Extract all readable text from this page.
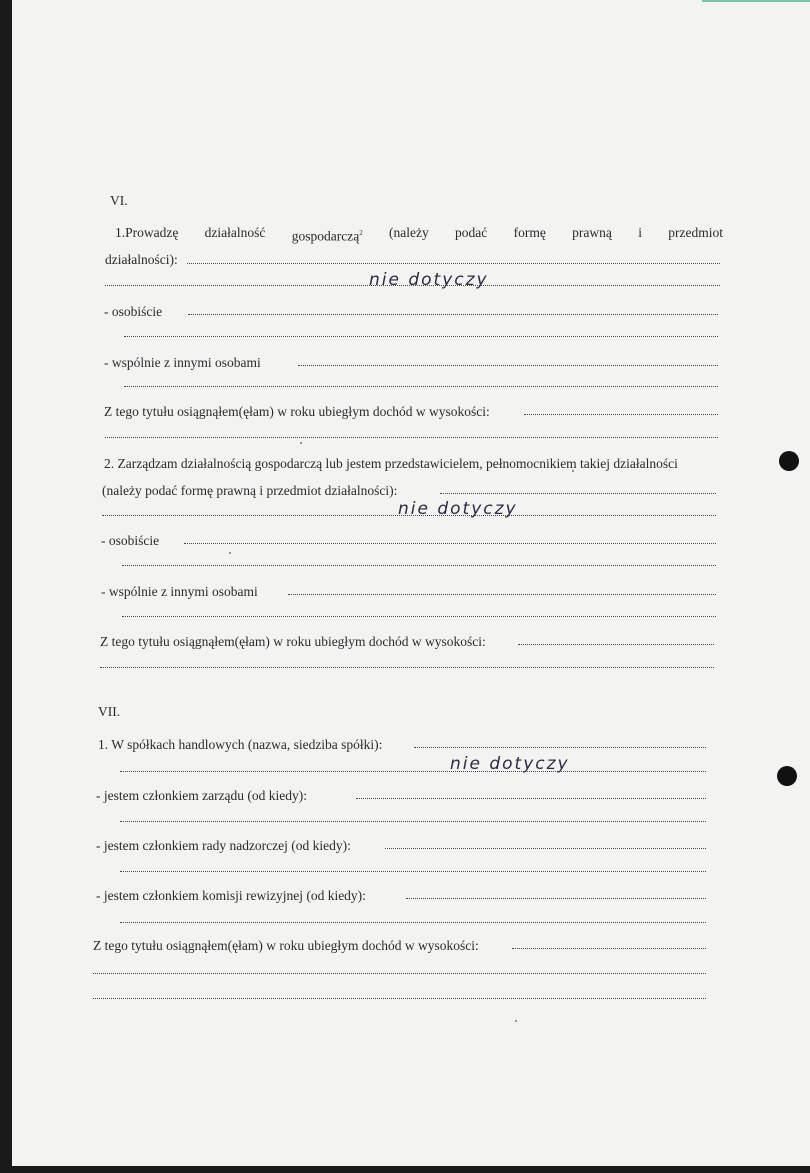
VI.
1.Prowadzę działalność gospodarczą$^2$ (należy podać formę prawną i przedmiot
działalności):
nie dotyczy
- osobiście
- wspólnie z innymi osobami
Z tego tytułu osiągnąłem(ęłam) w roku ubiegłym dochód w wysokości:
2. Zarządzam działalnością gospodarczą lub jestem przedstawicielem, pełnomocnikiem takiej działalności
(należy podać formę prawną i przedmiot działalności):
nie dotyczy
- osobiście
- wspólnie z innymi osobami
Z tego tytułu osiągnąłem(ęłam) w roku ubiegłym dochód w wysokości:
VII.
1. W spółkach handlowych (nazwa, siedziba spółki):
nie dotyczy
- jestem członkiem zarządu (od kiedy):
- jestem członkiem rady nadzorczej (od kiedy):
- jestem członkiem komisji rewizyjnej (od kiedy):
Z tego tytułu osiągnąłem(ęłam) w roku ubiegłym dochód w wysokości:
